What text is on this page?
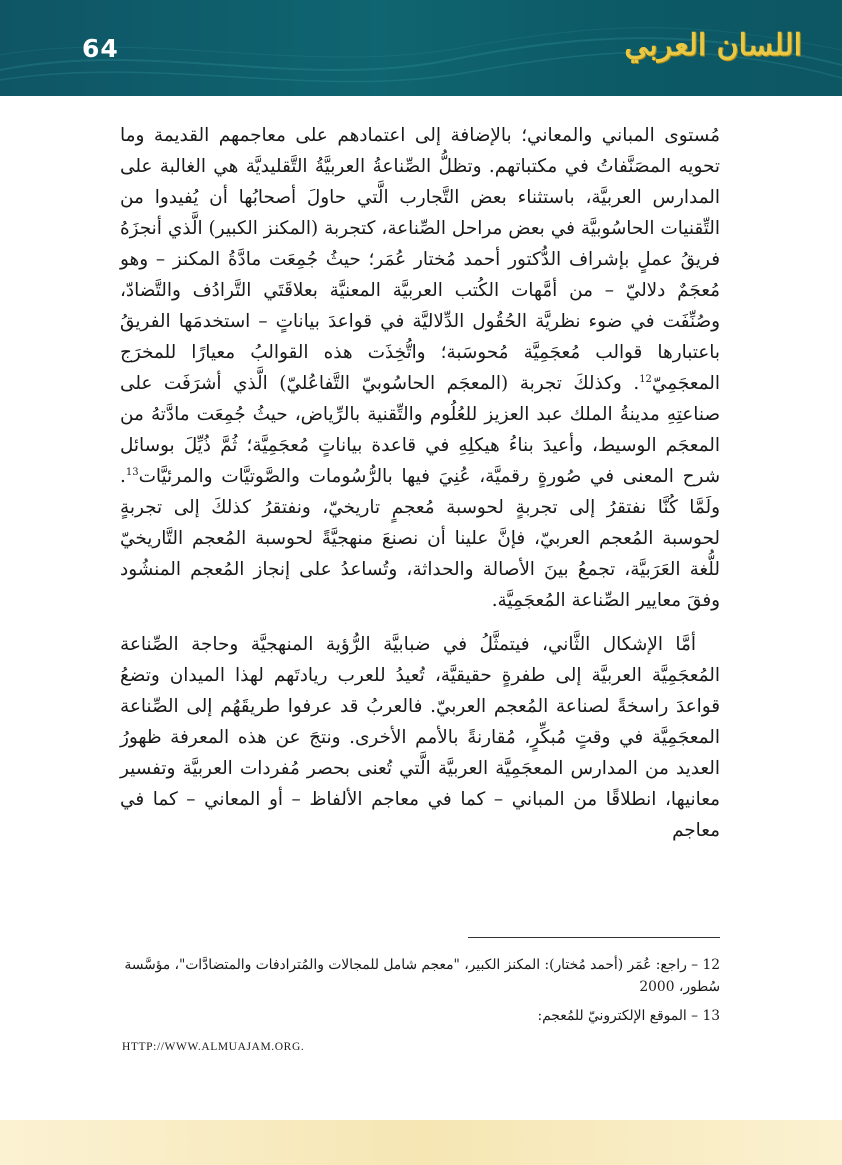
64	اللسان العربي

مُستوى المباني والمعاني؛ بالإضافة إلى اعتمادهم على معاجمهم القديمة وما تحويه المصَنَّفاتُ في مكتباتهم. وتظلُّ الصِّناعةُ العربيَّةُ التَّقليديَّة هي الغالبة على المدارس العربيَّة، باستثناء بعض التَّجارب الَّتي حاولَ أصحابُها أن يُفيدوا من التِّقنيات الحاسُوبيَّة في بعض مراحل الصِّناعة، كتجربة (المكنز الكبير) الَّذي أنجزَهُ فريقُ عملٍ بإشراف الدُّكتور أحمد مُختار عُمَر؛ حيثُ جُمِعَت مادَّةُ المكنز – وهو مُعجَمٌ دلاليّ – من أمَّهات الكُتب العربيَّة المعنيَّة بعلاقَتَي التَّرادُف والتَّضادّ، وصُنِّفَت في ضوء نظريَّة الحُقُول الدِّلاليَّة في قواعدَ بياناتٍ – استخدمَها الفريقُ باعتبارها قوالب مُعجَمِيَّة مُحوسَبة؛ واتُّخِذَت هذه القوالبُ معيارًا للمخرَج المعجَمِيّ$^{12}$. وكذلكَ تجربة (المعجَم الحاسُوبيّ التَّفاعُليّ) الَّذي أشرَفَت على صناعتِهِ مدينةُ الملك عبد العزيز للعُلُوم والتِّقنية بالرِّياض، حيثُ جُمِعَت مادَّتهُ من المعجَم الوسيط، وأعيدَ بناءُ هيكلِهِ في قاعدة بياناتٍ مُعجَمِيَّة؛ ثُمَّ ذُيِّلَ بوسائل شرح المعنى في صُورةٍ رقميَّة، عُنِيَ فيها بالرُّسُومات والصَّوتيَّات والمرئيَّات$^{13}$. ولَمَّا كُنَّا نفتقرُ إلى تجربةٍ لحوسبة مُعجمٍ تاريخيّ، ونفتقرُ كذلكَ إلى تجربةٍ لحوسبة المُعجم العربيّ، فإنَّ علينا أن نصنعَ منهجيَّةً لحوسبة المُعجم التَّاريخيّ للُّغة العَرَبيَّة، تجمعُ بينَ الأصالة والحداثة، وتُساعدُ على إنجاز المُعجم المنشُود وفقَ معايير الصِّناعة المُعجَمِيَّة.

أمَّا الإشكال الثَّاني، فيتمثَّلُ في ضبابيَّة الرُّؤية المنهجيَّة وحاجة الصِّناعة المُعجَمِيَّة العربيَّة إلى طفرةٍ حقيقيَّة، تُعيدُ للعرب ريادتَهم لهذا الميدان وتضعُ قواعدَ راسخةً لصناعة المُعجم العربيّ. فالعربُ قد عرفوا طريقَهُم إلى الصِّناعة المعجَمِيَّة في وقتٍ مُبكِّرٍ، مُقارنةً بالأمم الأخرى. ونتجَ عن هذه المعرفة ظهورُ العديد من المدارس المعجَمِيَّة العربيَّة الَّتي تُعنى بحصر مُفردات العربيَّة وتفسير معانيها، انطلاقًا من المباني – كما في معاجم الألفاظ – أو المعاني – كما في معاجم

12 – راجع: عُمَر (أحمد مُختار): المكنز الكبير، "معجم شامل للمجالات والمُترادفات والمتضادَّات"، مؤسَّسة سُطور، 2000

13 – الموقع الإلكترونيّ للمُعجم:

HTTP://WWW.ALMUAJAM.ORG.
